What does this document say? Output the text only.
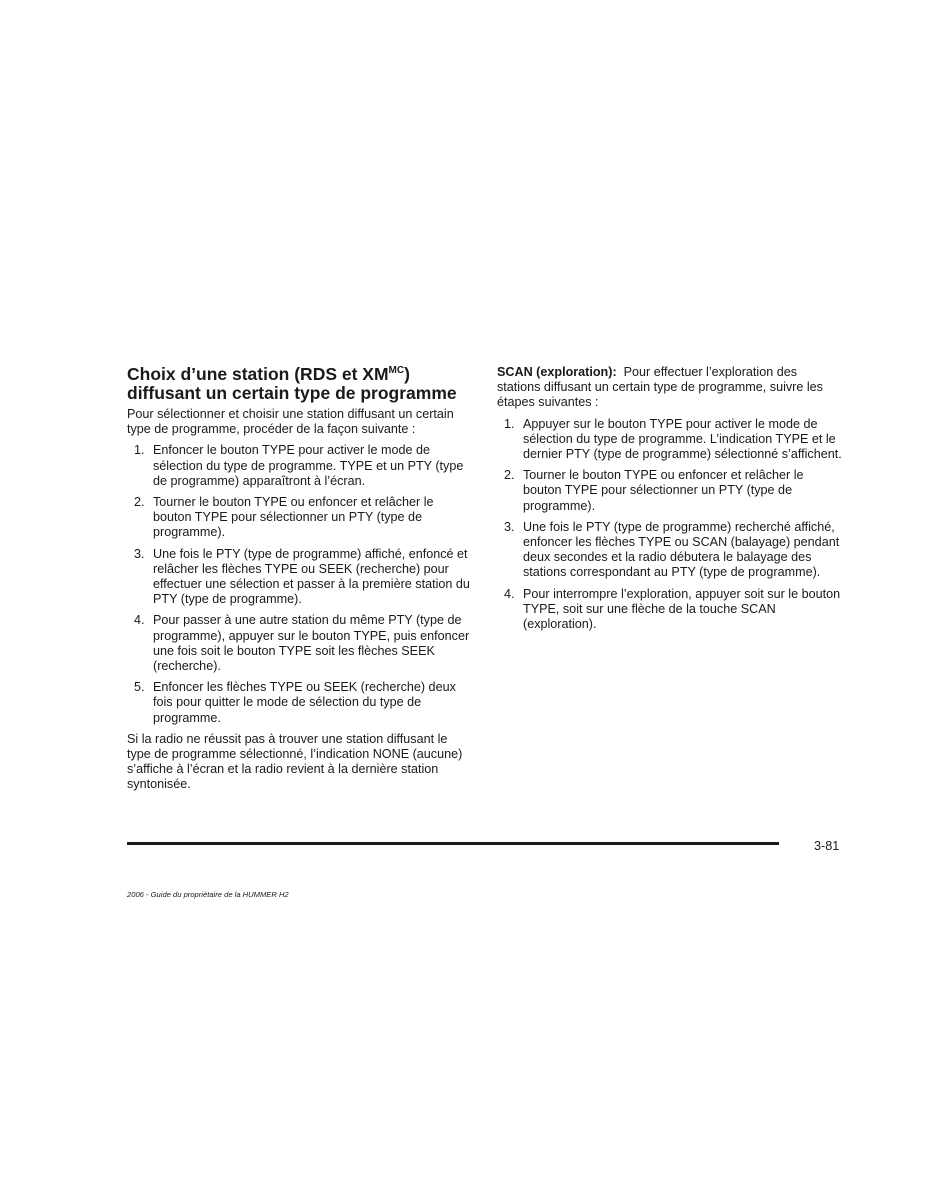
Choix d’une station (RDS et $XM^{MC}$)
diffusant un certain type de programme

Pour sélectionner et choisir une station diffusant un certain type de programme, procéder de la façon suivante :

1. Enfoncer le bouton TYPE pour activer le mode de sélection du type de programme. TYPE et un PTY (type de programme) apparaîtront à l’écran.
2. Tourner le bouton TYPE ou enfoncer et relâcher le bouton TYPE pour sélectionner un PTY (type de programme).
3. Une fois le PTY (type de programme) affiché, enfoncé et relâcher les flèches TYPE ou SEEK (recherche) pour effectuer une sélection et passer à la première station du PTY (type de programme).
4. Pour passer à une autre station du même PTY (type de programme), appuyer sur le bouton TYPE, puis enfoncer une fois soit le bouton TYPE soit les flèches SEEK (recherche).
5. Enfoncer les flèches TYPE ou SEEK (recherche) deux fois pour quitter le mode de sélection du type de programme.

Si la radio ne réussit pas à trouver une station diffusant le type de programme sélectionné, l’indication NONE (aucune) s’affiche à l’écran et la radio revient à la dernière station syntonisée.

SCAN (exploration): Pour effectuer l’exploration des stations diffusant un certain type de programme, suivre les étapes suivantes :

1. Appuyer sur le bouton TYPE pour activer le mode de sélection du type de programme. L’indication TYPE et le dernier PTY (type de programme) sélectionné s’affichent.
2. Tourner le bouton TYPE ou enfoncer et relâcher le bouton TYPE pour sélectionner un PTY (type de programme).
3. Une fois le PTY (type de programme) recherché affiché, enfoncer les flèches TYPE ou SCAN (balayage) pendant deux secondes et la radio débutera le balayage des stations correspondant au PTY (type de programme).
4. Pour interrompre l’exploration, appuyer soit sur le bouton TYPE, soit sur une flèche de la touche SCAN (exploration).
3-81
2006 - Guide du propriétaire de la HUMMER H2
